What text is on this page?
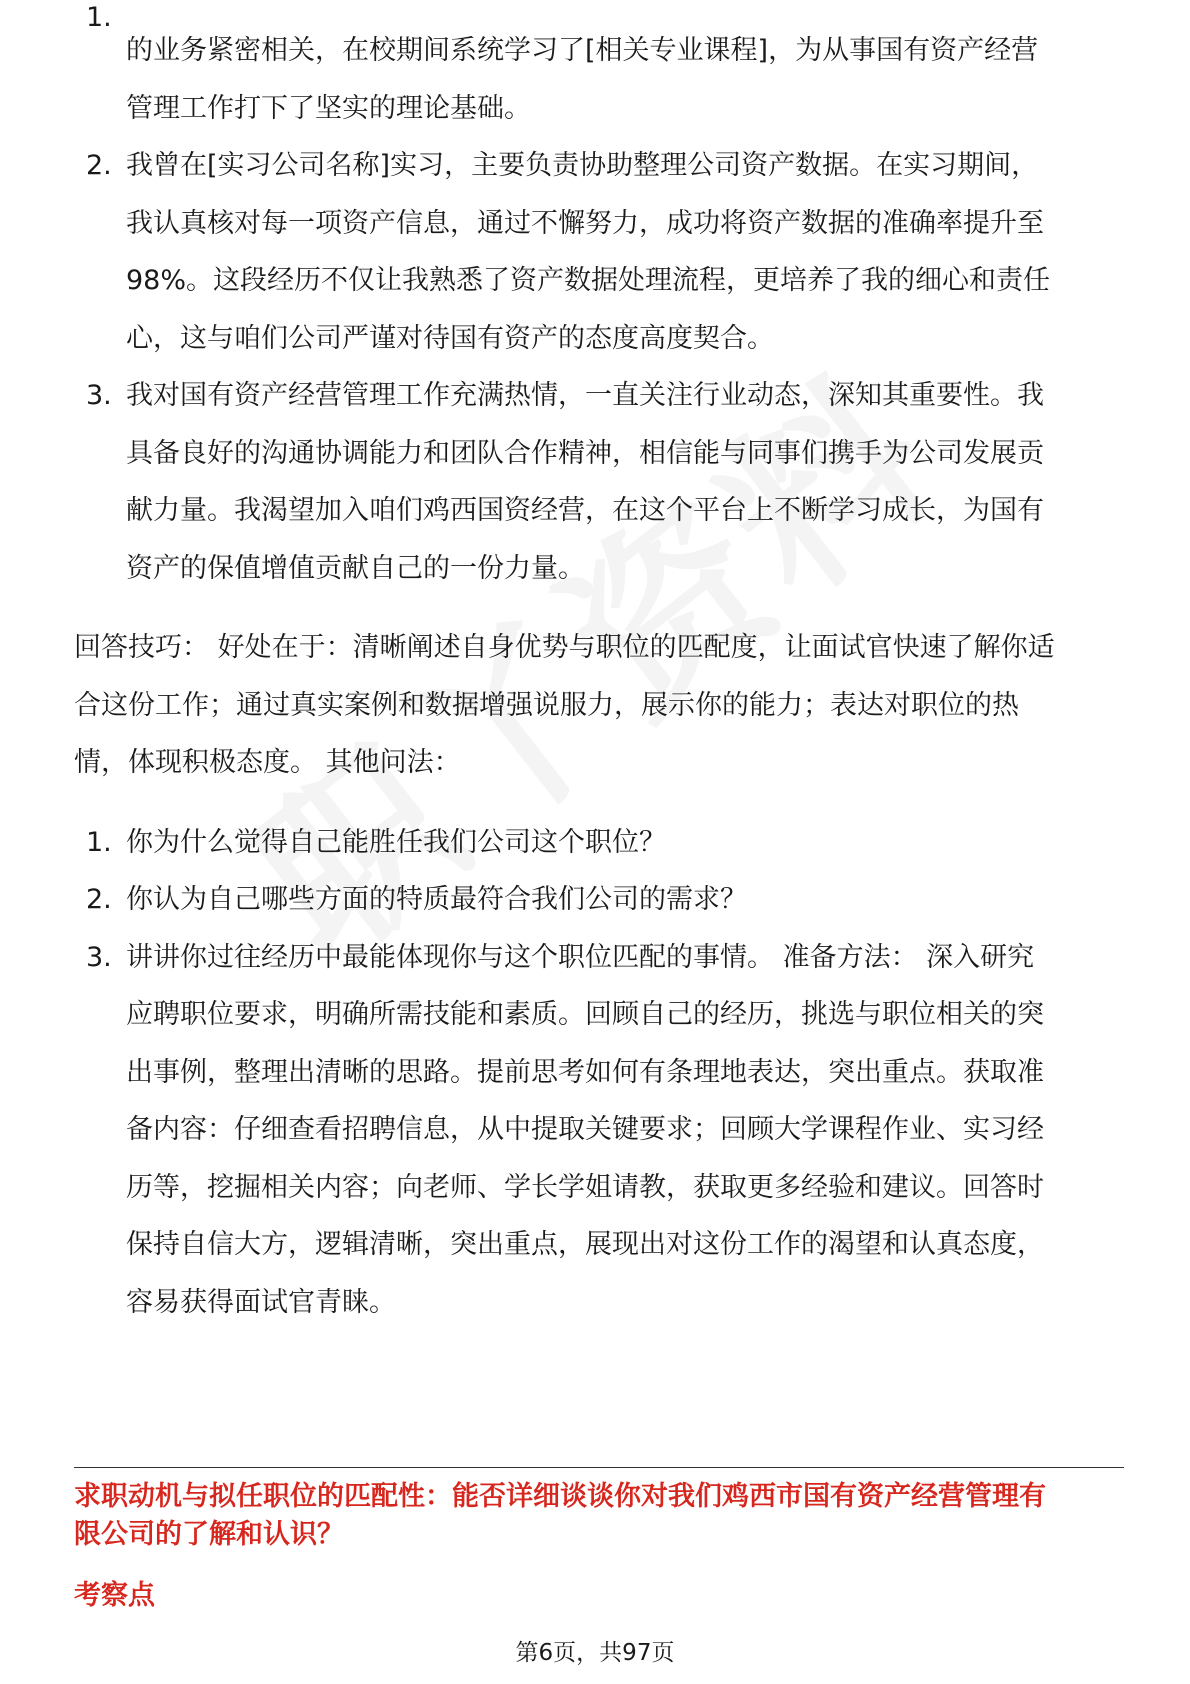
1.
的业务紧密相关，在校期间系统学习了[相关专业课程]，为从事国有资产经营
管理工作打下了坚实的理论基础。
2. 我曾在[实习公司名称]实习，主要负责协助整理公司资产数据。在实习期间，
我认真核对每一项资产信息，通过不懈努力，成功将资产数据的准确率提升至
98%。这段经历不仅让我熟悉了资产数据处理流程，更培养了我的细心和责任
心，这与咱们公司严谨对待国有资产的态度高度契合。
3. 我对国有资产经营管理工作充满热情，一直关注行业动态，深知其重要性。我
具备良好的沟通协调能力和团队合作精神，相信能与同事们携手为公司发展贡
献力量。我渴望加入咱们鸡西国资经营，在这个平台上不断学习成长，为国有
资产的保值增值贡献自己的一份力量。
回答技巧： 好处在于：清晰阐述自身优势与职位的匹配度，让面试官快速了解你适
合这份工作；通过真实案例和数据增强说服力，展示你的能力；表达对职位的热
情，体现积极态度。 其他问法：
1. 你为什么觉得自己能胜任我们公司这个职位？
2. 你认为自己哪些方面的特质最符合我们公司的需求？
3. 讲讲你过往经历中最能体现你与这个职位匹配的事情。 准备方法： 深入研究
应聘职位要求，明确所需技能和素质。回顾自己的经历，挑选与职位相关的突
出事例，整理出清晰的思路。提前思考如何有条理地表达，突出重点。获取准
备内容：仔细查看招聘信息，从中提取关键要求；回顾大学课程作业、实习经
历等，挖掘相关内容；向老师、学长学姐请教，获取更多经验和建议。回答时
保持自信大方，逻辑清晰，突出重点，展现出对这份工作的渴望和认真态度，
容易获得面试官青睐。
求职动机与拟任职位的匹配性：能否详细谈谈你对我们鸡西市国有资产经营管理有
限公司的了解和认识？
考察点
第6页，共97页
